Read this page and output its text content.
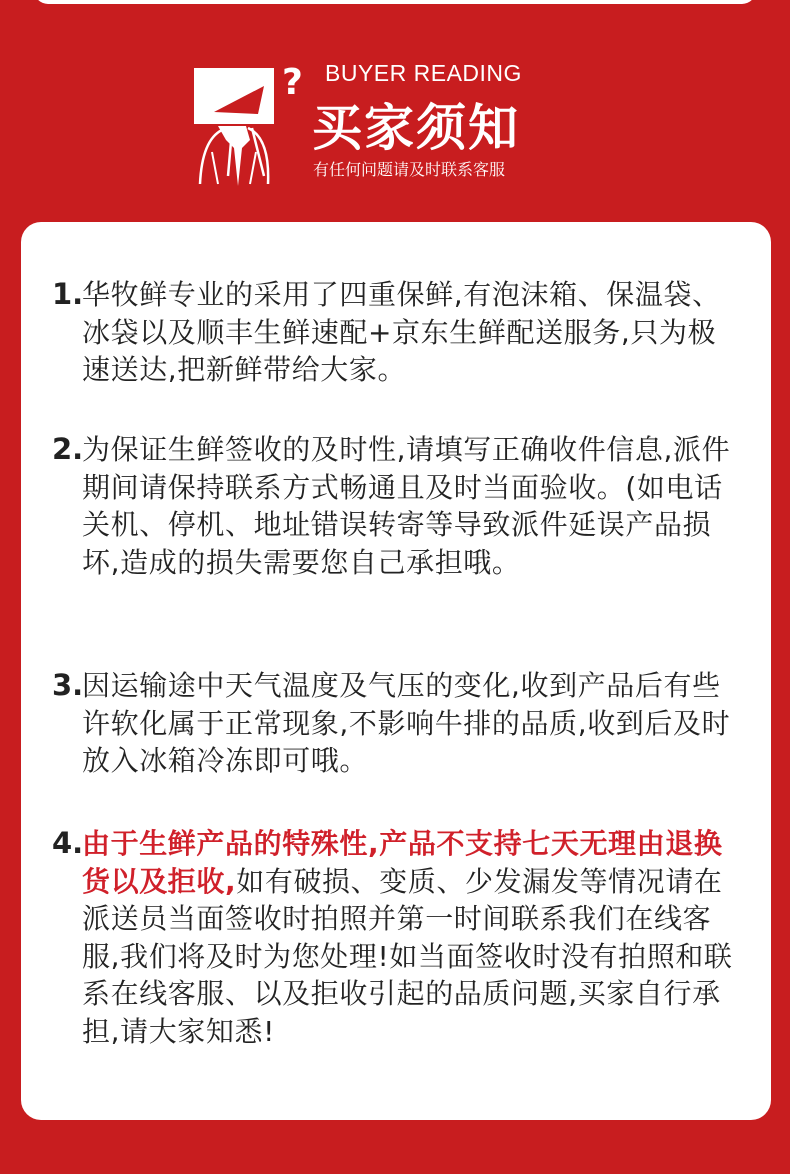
? BUYER READING
买家须知
有任何问题请及时联系客服
1.
华牧鲜专业的采用了四重保鲜,有泡沫箱、保温袋、冰袋以及顺丰生鲜速配+京东生鲜配送服务,只为极速送达,把新鲜带给大家。
2.
为保证生鲜签收的及时性,请填写正确收件信息,派件期间请保持联系方式畅通且及时当面验收。(如电话关机、停机、地址错误转寄等导致派件延误产品损坏,造成的损失需要您自己承担哦。
3.
因运输途中天气温度及气压的变化,收到产品后有些许软化属于正常现象,不影响牛排的品质,收到后及时放入冰箱冷冻即可哦。
4.
由于生鲜产品的特殊性,产品不支持七天无理由退换货以及拒收,如有破损、变质、少发漏发等情况请在派送员当面签收时拍照并第一时间联系我们在线客服,我们将及时为您处理!如当面签收时没有拍照和联系在线客服、以及拒收引起的品质问题,买家自行承担,请大家知悉!
